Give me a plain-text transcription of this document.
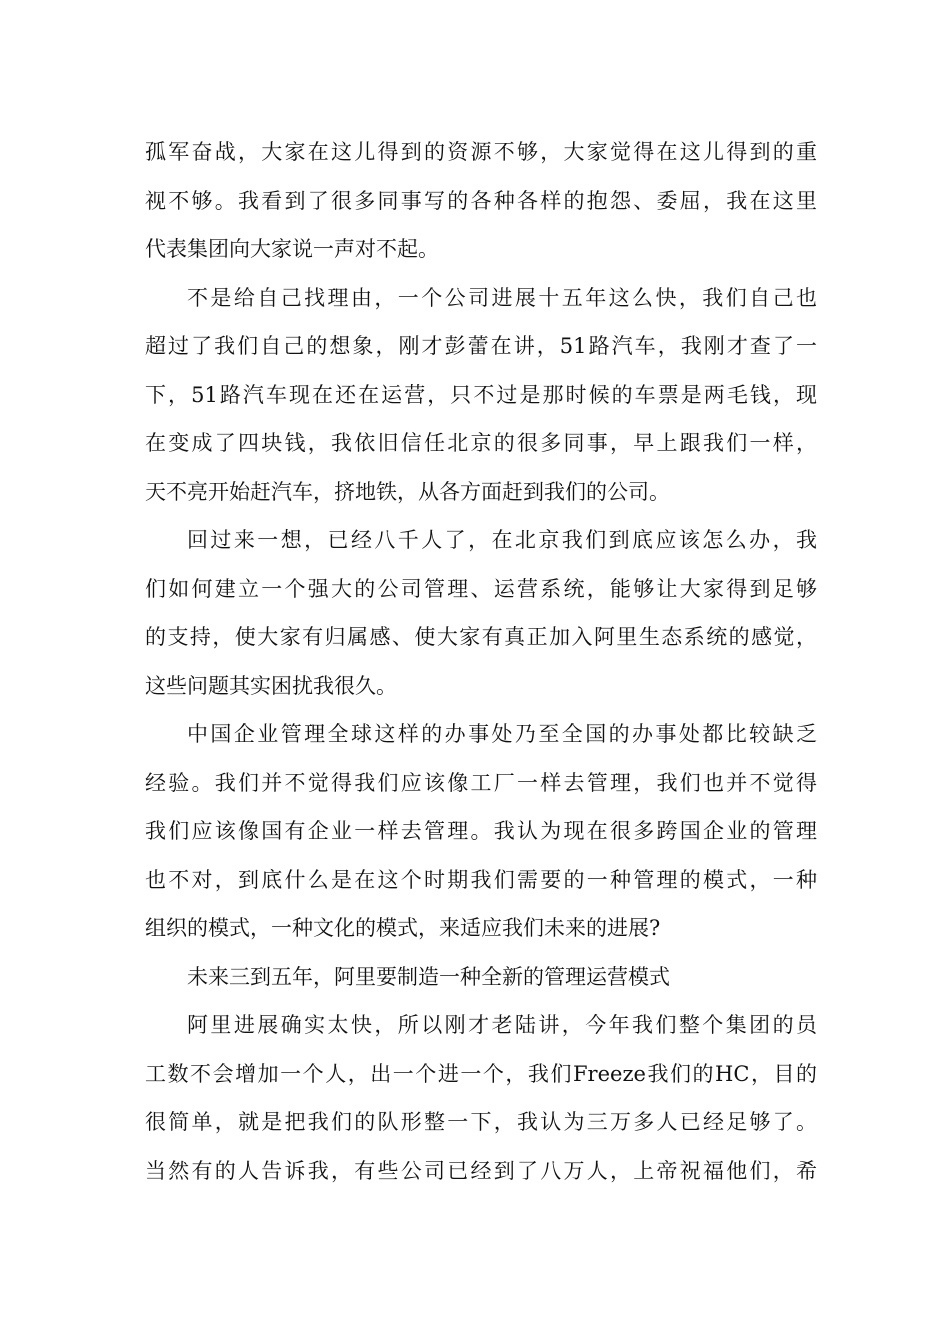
孤军奋战，大家在这儿得到的资源不够，大家觉得在这儿得到的重
视不够。我看到了很多同事写的各种各样的抱怨、委屈，我在这里
代表集团向大家说一声对不起。
不是给自己找理由，一个公司进展十五年这么快，我们自己也
超过了我们自己的想象，刚才彭蕾在讲，51路汽车，我刚才查了一
下，51路汽车现在还在运营，只不过是那时候的车票是两毛钱，现
在变成了四块钱，我依旧信任北京的很多同事，早上跟我们一样，
天不亮开始赶汽车，挤地铁，从各方面赶到我们的公司。
回过来一想，已经八千人了，在北京我们到底应该怎么办，我
们如何建立一个强大的公司管理、运营系统，能够让大家得到足够
的支持，使大家有归属感、使大家有真正加入阿里生态系统的感觉，
这些问题其实困扰我很久。
中国企业管理全球这样的办事处乃至全国的办事处都比较缺乏
经验。我们并不觉得我们应该像工厂一样去管理，我们也并不觉得
我们应该像国有企业一样去管理。我认为现在很多跨国企业的管理
也不对，到底什么是在这个时期我们需要的一种管理的模式，一种
组织的模式，一种文化的模式，来适应我们未来的进展?
未来三到五年，阿里要制造一种全新的管理运营模式
阿里进展确实太快，所以刚才老陆讲，今年我们整个集团的员
工数不会增加一个人，出一个进一个，我们Freeze我们的HC，目的
很简单，就是把我们的队形整一下，我认为三万多人已经足够了。
当然有的人告诉我，有些公司已经到了八万人，上帝祝福他们，希
